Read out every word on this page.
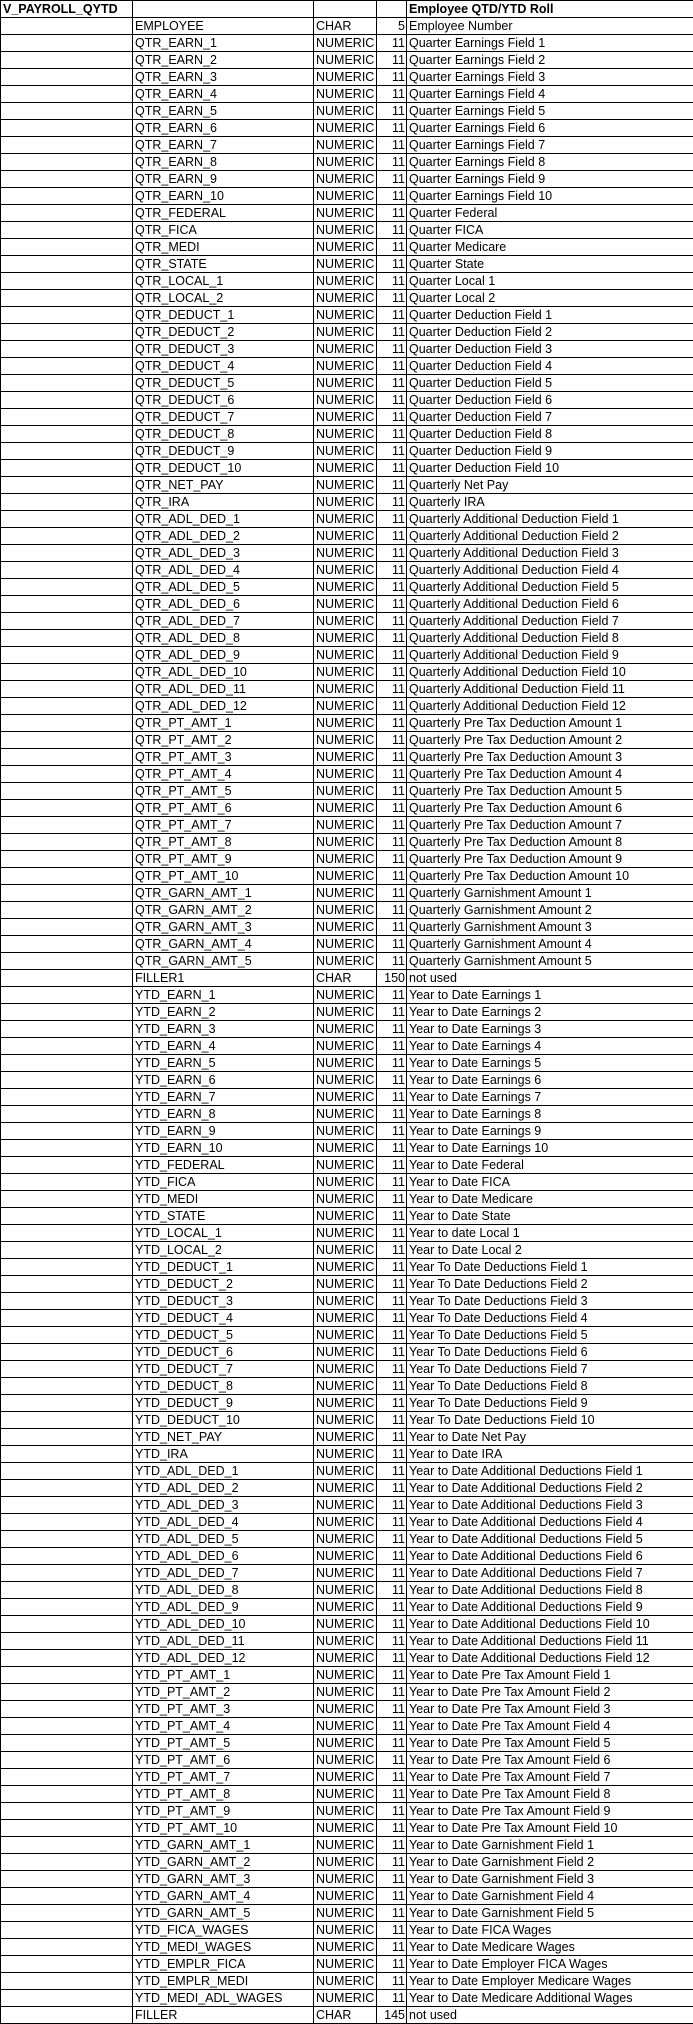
V_PAYROLL_QYTD				Employee QTD/YTD Roll
	EMPLOYEE	CHAR	5	Employee Number
	QTR_EARN_1	NUMERIC	11	Quarter Earnings Field 1
	QTR_EARN_2	NUMERIC	11	Quarter Earnings Field 2
	QTR_EARN_3	NUMERIC	11	Quarter Earnings Field 3
	QTR_EARN_4	NUMERIC	11	Quarter Earnings Field 4
	QTR_EARN_5	NUMERIC	11	Quarter Earnings Field 5
	QTR_EARN_6	NUMERIC	11	Quarter Earnings Field 6
	QTR_EARN_7	NUMERIC	11	Quarter Earnings Field 7
	QTR_EARN_8	NUMERIC	11	Quarter Earnings Field 8
	QTR_EARN_9	NUMERIC	11	Quarter Earnings Field 9
	QTR_EARN_10	NUMERIC	11	Quarter Earnings Field 10
	QTR_FEDERAL	NUMERIC	11	Quarter Federal
	QTR_FICA	NUMERIC	11	Quarter FICA
	QTR_MEDI	NUMERIC	11	Quarter Medicare
	QTR_STATE	NUMERIC	11	Quarter State
	QTR_LOCAL_1	NUMERIC	11	Quarter Local 1
	QTR_LOCAL_2	NUMERIC	11	Quarter Local 2
	QTR_DEDUCT_1	NUMERIC	11	Quarter Deduction Field 1
	QTR_DEDUCT_2	NUMERIC	11	Quarter Deduction Field 2
	QTR_DEDUCT_3	NUMERIC	11	Quarter Deduction Field 3
	QTR_DEDUCT_4	NUMERIC	11	Quarter Deduction Field 4
	QTR_DEDUCT_5	NUMERIC	11	Quarter Deduction Field 5
	QTR_DEDUCT_6	NUMERIC	11	Quarter Deduction Field 6
	QTR_DEDUCT_7	NUMERIC	11	Quarter Deduction Field 7
	QTR_DEDUCT_8	NUMERIC	11	Quarter Deduction Field 8
	QTR_DEDUCT_9	NUMERIC	11	Quarter Deduction Field 9
	QTR_DEDUCT_10	NUMERIC	11	Quarter Deduction Field 10
	QTR_NET_PAY	NUMERIC	11	Quarterly Net Pay
	QTR_IRA	NUMERIC	11	Quarterly IRA
	QTR_ADL_DED_1	NUMERIC	11	Quarterly Additional Deduction Field 1
	QTR_ADL_DED_2	NUMERIC	11	Quarterly Additional Deduction Field 2
	QTR_ADL_DED_3	NUMERIC	11	Quarterly Additional Deduction Field 3
	QTR_ADL_DED_4	NUMERIC	11	Quarterly Additional Deduction Field 4
	QTR_ADL_DED_5	NUMERIC	11	Quarterly Additional Deduction Field 5
	QTR_ADL_DED_6	NUMERIC	11	Quarterly Additional Deduction Field 6
	QTR_ADL_DED_7	NUMERIC	11	Quarterly Additional Deduction Field 7
	QTR_ADL_DED_8	NUMERIC	11	Quarterly Additional Deduction Field 8
	QTR_ADL_DED_9	NUMERIC	11	Quarterly Additional Deduction Field 9
	QTR_ADL_DED_10	NUMERIC	11	Quarterly Additional Deduction Field 10
	QTR_ADL_DED_11	NUMERIC	11	Quarterly Additional Deduction Field 11
	QTR_ADL_DED_12	NUMERIC	11	Quarterly Additional Deduction Field 12
	QTR_PT_AMT_1	NUMERIC	11	Quarterly Pre Tax Deduction Amount 1
	QTR_PT_AMT_2	NUMERIC	11	Quarterly Pre Tax Deduction Amount 2
	QTR_PT_AMT_3	NUMERIC	11	Quarterly Pre Tax Deduction Amount 3
	QTR_PT_AMT_4	NUMERIC	11	Quarterly Pre Tax Deduction Amount 4
	QTR_PT_AMT_5	NUMERIC	11	Quarterly Pre Tax Deduction Amount 5
	QTR_PT_AMT_6	NUMERIC	11	Quarterly Pre Tax Deduction Amount 6
	QTR_PT_AMT_7	NUMERIC	11	Quarterly Pre Tax Deduction Amount 7
	QTR_PT_AMT_8	NUMERIC	11	Quarterly Pre Tax Deduction Amount 8
	QTR_PT_AMT_9	NUMERIC	11	Quarterly Pre Tax Deduction Amount 9
	QTR_PT_AMT_10	NUMERIC	11	Quarterly Pre Tax Deduction Amount 10
	QTR_GARN_AMT_1	NUMERIC	11	Quarterly Garnishment Amount 1
	QTR_GARN_AMT_2	NUMERIC	11	Quarterly Garnishment Amount 2
	QTR_GARN_AMT_3	NUMERIC	11	Quarterly Garnishment Amount 3
	QTR_GARN_AMT_4	NUMERIC	11	Quarterly Garnishment Amount 4
	QTR_GARN_AMT_5	NUMERIC	11	Quarterly Garnishment Amount 5
	FILLER1	CHAR	150	not used
	YTD_EARN_1	NUMERIC	11	Year to Date Earnings 1
	YTD_EARN_2	NUMERIC	11	Year to Date Earnings 2
	YTD_EARN_3	NUMERIC	11	Year to Date Earnings 3
	YTD_EARN_4	NUMERIC	11	Year to Date Earnings 4
	YTD_EARN_5	NUMERIC	11	Year to Date Earnings 5
	YTD_EARN_6	NUMERIC	11	Year to Date Earnings 6
	YTD_EARN_7	NUMERIC	11	Year to Date Earnings 7
	YTD_EARN_8	NUMERIC	11	Year to Date Earnings 8
	YTD_EARN_9	NUMERIC	11	Year to Date Earnings 9
	YTD_EARN_10	NUMERIC	11	Year to Date Earnings 10
	YTD_FEDERAL	NUMERIC	11	Year to Date Federal
	YTD_FICA	NUMERIC	11	Year to Date FICA
	YTD_MEDI	NUMERIC	11	Year to Date Medicare
	YTD_STATE	NUMERIC	11	Year to Date State
	YTD_LOCAL_1	NUMERIC	11	Year to date Local 1
	YTD_LOCAL_2	NUMERIC	11	Year to Date Local 2
	YTD_DEDUCT_1	NUMERIC	11	Year To Date Deductions Field 1
	YTD_DEDUCT_2	NUMERIC	11	Year To Date Deductions Field 2
	YTD_DEDUCT_3	NUMERIC	11	Year To Date Deductions Field 3
	YTD_DEDUCT_4	NUMERIC	11	Year To Date Deductions Field 4
	YTD_DEDUCT_5	NUMERIC	11	Year To Date Deductions Field 5
	YTD_DEDUCT_6	NUMERIC	11	Year To Date Deductions Field 6
	YTD_DEDUCT_7	NUMERIC	11	Year To Date Deductions Field 7
	YTD_DEDUCT_8	NUMERIC	11	Year To Date Deductions Field 8
	YTD_DEDUCT_9	NUMERIC	11	Year To Date Deductions Field 9
	YTD_DEDUCT_10	NUMERIC	11	Year To Date Deductions Field 10
	YTD_NET_PAY	NUMERIC	11	Year to Date Net Pay
	YTD_IRA	NUMERIC	11	Year to Date IRA
	YTD_ADL_DED_1	NUMERIC	11	Year to Date Additional Deductions Field 1
	YTD_ADL_DED_2	NUMERIC	11	Year to Date Additional Deductions Field 2
	YTD_ADL_DED_3	NUMERIC	11	Year to Date Additional Deductions Field 3
	YTD_ADL_DED_4	NUMERIC	11	Year to Date Additional Deductions Field 4
	YTD_ADL_DED_5	NUMERIC	11	Year to Date Additional Deductions Field 5
	YTD_ADL_DED_6	NUMERIC	11	Year to Date Additional Deductions Field 6
	YTD_ADL_DED_7	NUMERIC	11	Year to Date Additional Deductions Field 7
	YTD_ADL_DED_8	NUMERIC	11	Year to Date Additional Deductions Field 8
	YTD_ADL_DED_9	NUMERIC	11	Year to Date Additional Deductions Field 9
	YTD_ADL_DED_10	NUMERIC	11	Year to Date Additional Deductions Field 10
	YTD_ADL_DED_11	NUMERIC	11	Year to Date Additional Deductions Field 11
	YTD_ADL_DED_12	NUMERIC	11	Year to Date Additional Deductions Field 12
	YTD_PT_AMT_1	NUMERIC	11	Year to Date Pre Tax Amount Field 1
	YTD_PT_AMT_2	NUMERIC	11	Year to Date Pre Tax Amount Field 2
	YTD_PT_AMT_3	NUMERIC	11	Year to Date Pre Tax Amount Field 3
	YTD_PT_AMT_4	NUMERIC	11	Year to Date Pre Tax Amount Field 4
	YTD_PT_AMT_5	NUMERIC	11	Year to Date Pre Tax Amount Field 5
	YTD_PT_AMT_6	NUMERIC	11	Year to Date Pre Tax Amount Field 6
	YTD_PT_AMT_7	NUMERIC	11	Year to Date Pre Tax Amount Field 7
	YTD_PT_AMT_8	NUMERIC	11	Year to Date Pre Tax Amount Field 8
	YTD_PT_AMT_9	NUMERIC	11	Year to Date Pre Tax Amount Field 9
	YTD_PT_AMT_10	NUMERIC	11	Year to Date Pre Tax Amount Field 10
	YTD_GARN_AMT_1	NUMERIC	11	Year to Date Garnishment Field 1
	YTD_GARN_AMT_2	NUMERIC	11	Year to Date Garnishment Field 2
	YTD_GARN_AMT_3	NUMERIC	11	Year to Date Garnishment Field 3
	YTD_GARN_AMT_4	NUMERIC	11	Year to Date Garnishment Field 4
	YTD_GARN_AMT_5	NUMERIC	11	Year to Date Garnishment Field 5
	YTD_FICA_WAGES	NUMERIC	11	Year to Date FICA Wages
	YTD_MEDI_WAGES	NUMERIC	11	Year to Date Medicare Wages
	YTD_EMPLR_FICA	NUMERIC	11	Year to Date Employer FICA Wages
	YTD_EMPLR_MEDI	NUMERIC	11	Year to Date Employer Medicare Wages
	YTD_MEDI_ADL_WAGES	NUMERIC	11	Year to Date Medicare Additional Wages
	FILLER	CHAR	145	not used
